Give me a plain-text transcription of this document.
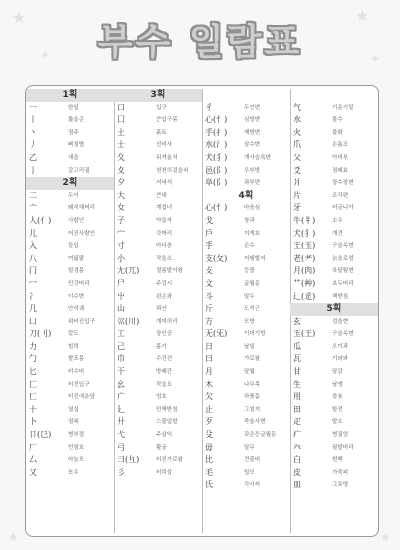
부수 일람표
★	★
✦
✦
★	★
1획
一	한일
丨	뚫을곤
丶	점주
丿	삐침별
乙	새을
亅	갈고리궐
2획
二	두이
亠	돼지해머리
人(亻)	사람인
儿	어진사람인
入	들입
八	여덟팔
冂	멀경몸
冖	민갓머리
冫	이수변
几	안석궤
凵	위터진입구
刀(刂)	칼도
力	힘력
勹	쌀포몸
匕	비수비
匚	터진입구
匸	터진에운담
十	열십
卜	점복
卩(㔾)	병부절
厂	민엄호
厶	마늘모
又	또우
3획
口	입구
囗	큰입구몸
土	흙토
士	선비사
夂	뒤져올치
夊	천천히걸을쇠
夕	저녁석
大	큰대
女	계집녀
子	아들자
宀	갓머리
寸	마디촌
小	작을소
尢(兀)	절름발이왕
尸	주검시
屮	왼손좌
山	뫼산
巛(川)	개미허리
工	장인공
己	몸기
巾	수건건
干	방패간
幺	작을요
广	엄호
廴	민책받침
廾	스물입발
弋	주살익
弓	활궁
彐(彑)	터진가로왈
彡	터럭삼
彳	두인변
心(忄)	심방변
手(扌)	재방변
水(氵)	삼수변
犬(犭)	개사슴록변
邑(阝)	우부방
阜(阝)	좌부변
4획
心(忄)	마음심
戈	창과
戶	지게호
手	손수
支(攵)	지탱할지
攴	등볼
文	글월문
斗	말두
斤	도끼근
方	모방
无(旡)	이미기방
日	날일
曰	가로왈
月	달월
木	나무목
欠	하품흠
止	그칠지
歹	죽을사변
殳	갖은등글월문
毋	말무
比	견줄비
毛	털모
氏	각시씨
气	기운기밑
水	물수
火	불화
爪	손톱조
父	아비부
爻	점괘효
爿	장수장변
片	조각편
牙	어금니아
牛(牜)	소우
犬(犭)	개견
王(玉)	구슬옥변
老(耂)	늙을로엄
月(肉)	육달월변
艹(艸)	초두머리
辶(辵)	책받침
5획
玄	검을현
玉(王)	구슬옥변
瓜	오이과
瓦	기와와
甘	달감
生	날생
用	쓸용
田	밭전
疋	발소
疒	병질엄
癶	필발머리
白	흰백
皮	가죽피
皿	그릇명
